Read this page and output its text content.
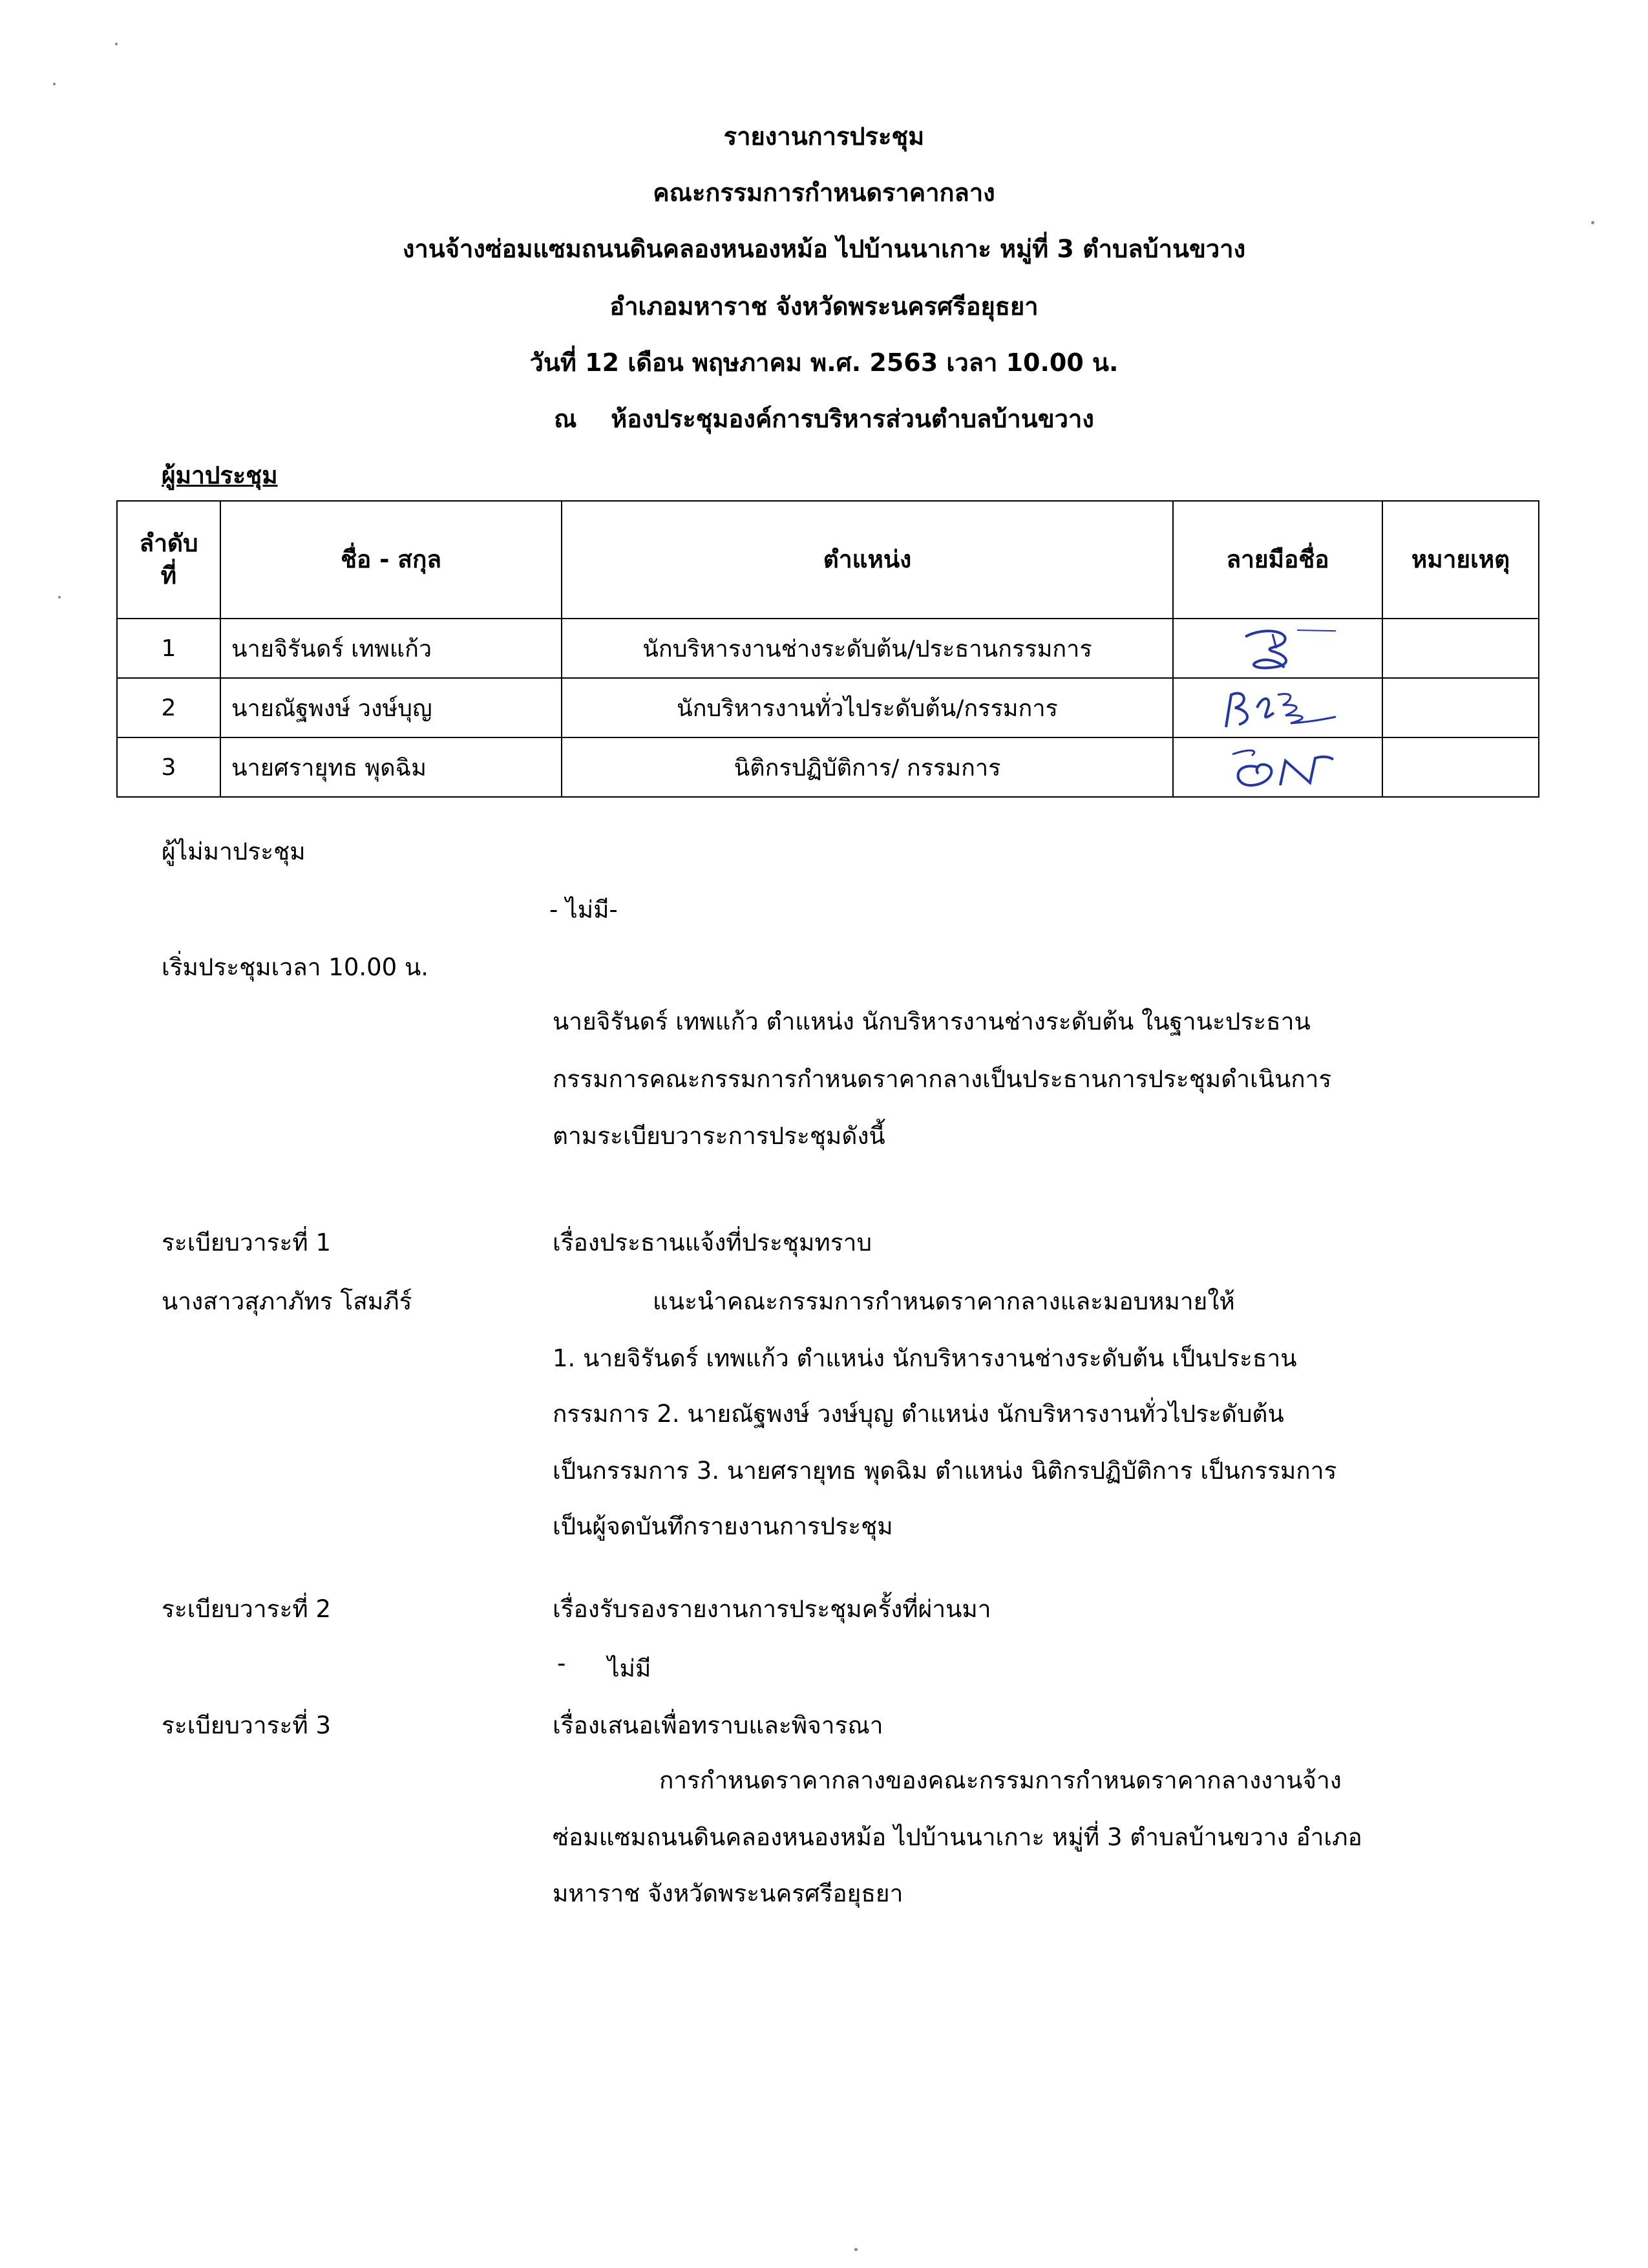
รายงานการประชุม
คณะกรรมการกำหนดราคากลาง
งานจ้างซ่อมแซมถนนดินคลองหนองหม้อ ไปบ้านนาเกาะ หมู่ที่ 3 ตำบลบ้านขวาง
อำเภอมหาราช จังหวัดพระนครศรีอยุธยา
วันที่ 12 เดือน พฤษภาคม พ.ศ. 2563 เวลา 10.00 น.
ณ ห้องประชุมองค์การบริหารส่วนตำบลบ้านขวาง
ผู้มาประชุม
ลำดับ
ที่	ชื่อ - สกุล	ตำแหน่ง	ลายมือชื่อ	หมายเหตุ
1	นายจิรันดร์ เทพแก้ว	นักบริหารงานช่างระดับต้น/ประธานกรรมการ	

2	นายณัฐพงษ์ วงษ์บุญ	นักบริหารงานทั่วไประดับต้น/กรรมการ	

3	นายศรายุทธ พุดฉิม	นิติกรปฏิบัติการ/ กรรมการ	

ผู้ไม่มาประชุม
- ไม่มี-
เริ่มประชุมเวลา 10.00 น.
นายจิรันดร์ เทพแก้ว ตำแหน่ง นักบริหารงานช่างระดับต้น ในฐานะประธาน
กรรมการคณะกรรมการกำหนดราคากลางเป็นประธานการประชุมดำเนินการ
ตามระเบียบวาระการประชุมดังนี้
ระเบียบวาระที่ 1	เรื่องประธานแจ้งที่ประชุมทราบ
นางสาวสุภาภัทร โสมภีร์	แนะนำคณะกรรมการกำหนดราคากลางและมอบหมายให้
1. นายจิรันดร์ เทพแก้ว ตำแหน่ง นักบริหารงานช่างระดับต้น เป็นประธาน
กรรมการ 2. นายณัฐพงษ์ วงษ์บุญ ตำแหน่ง นักบริหารงานทั่วไประดับต้น
เป็นกรรมการ 3. นายศรายุทธ พุดฉิม ตำแหน่ง นิติกรปฏิบัติการ เป็นกรรมการ
เป็นผู้จดบันทึกรายงานการประชุม
ระเบียบวาระที่ 2	เรื่องรับรองรายงานการประชุมครั้งที่ผ่านมา
- ไม่มี
ระเบียบวาระที่ 3	เรื่องเสนอเพื่อทราบและพิจารณา
การกำหนดราคากลางของคณะกรรมการกำหนดราคากลางงานจ้าง
ซ่อมแซมถนนดินคลองหนองหม้อ ไปบ้านนาเกาะ หมู่ที่ 3 ตำบลบ้านขวาง อำเภอ
มหาราช จังหวัดพระนครศรีอยุธยา
